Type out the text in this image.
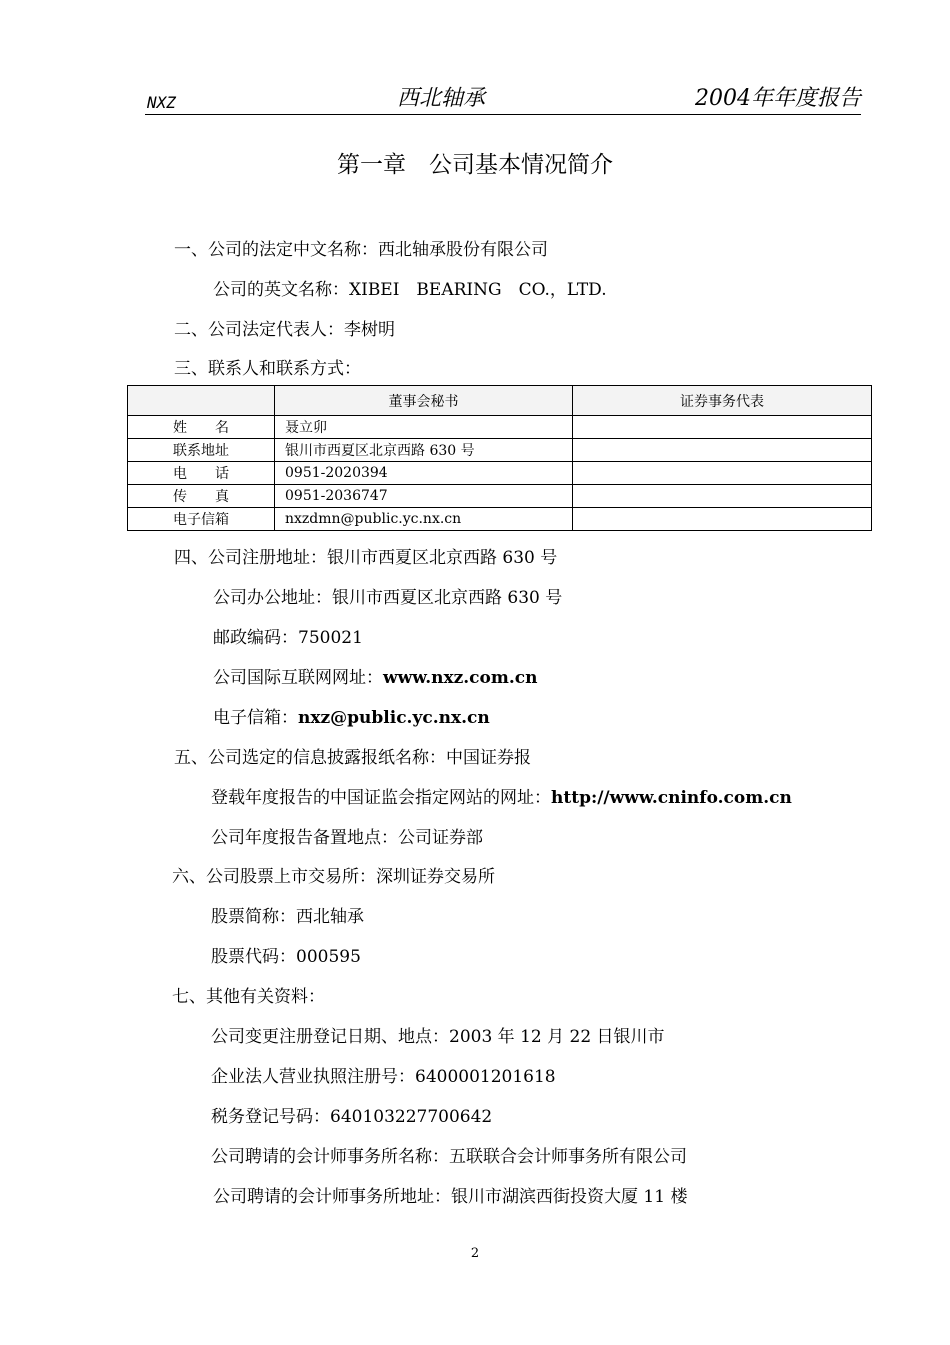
NXZ	西北轴承	2004年年度报告
第一章　公司基本情况简介
一、公司的法定中文名称：西北轴承股份有限公司
公司的英文名称：XIBEI　BEARING　CO.，LTD.
二、公司法定代表人：李树明
三、联系人和联系方式：
	董事会秘书	证券事务代表
姓　　名	聂立卯	
联系地址	银川市西夏区北京西路 630 号	
电　　话	0951-2020394	
传　　真	0951-2036747	
电子信箱	nxzdmn@public.yc.nx.cn	
四、公司注册地址：银川市西夏区北京西路 630 号
公司办公地址：银川市西夏区北京西路 630 号
邮政编码：750021
公司国际互联网网址：www.nxz.com.cn
电子信箱：nxz@public.yc.nx.cn
五、公司选定的信息披露报纸名称：中国证券报
登载年度报告的中国证监会指定网站的网址：http://www.cninfo.com.cn
公司年度报告备置地点：公司证券部
六、公司股票上市交易所：深圳证券交易所
股票简称：西北轴承
股票代码：000595
七、其他有关资料：
公司变更注册登记日期、地点：2003 年 12 月 22 日银川市
企业法人营业执照注册号：6400001201618
税务登记号码：640103227700642
公司聘请的会计师事务所名称：五联联合会计师事务所有限公司
公司聘请的会计师事务所地址：银川市湖滨西街投资大厦 11 楼
2
